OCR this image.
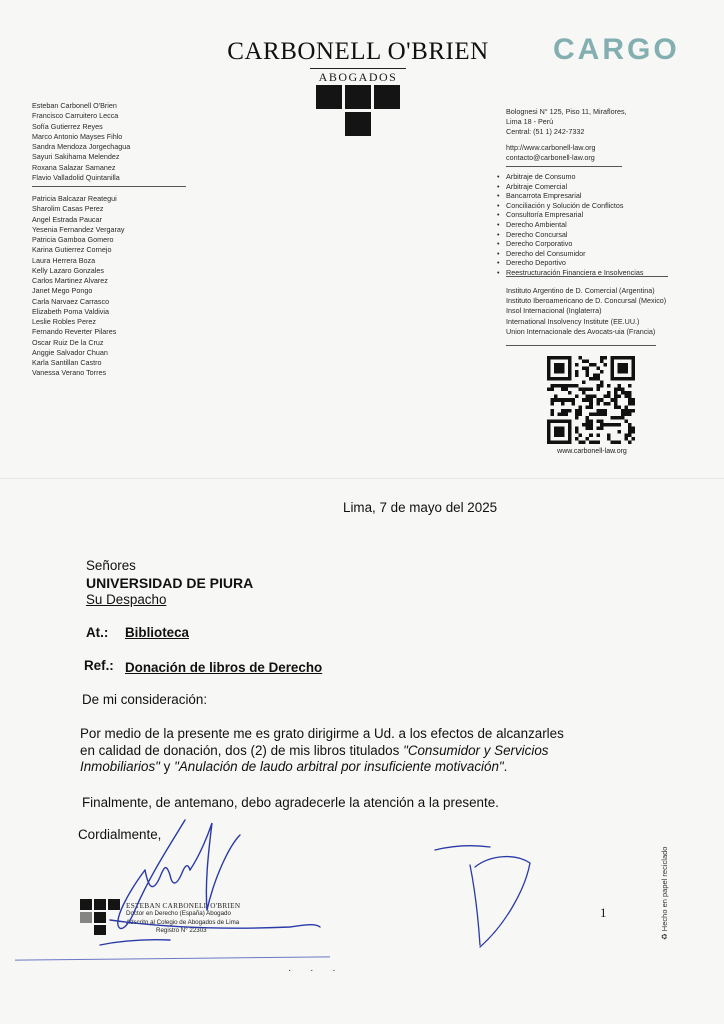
CARBONELL O'BRIEN
ABOGADOS
CARGO
Esteban Carbonell O'Brien
Francisco Carruitero Lecca
Sofía Gutierrez Reyes
Marco Antonio Mayses Fihlo
Sandra Mendoza Jorgechagua
Sayuri Sakihama Melendez
Roxana Salazar Samanez
Flavio Valladolid Quintanilla
Patricia Balcazar Reategui
Sharolim Casas Perez
Angel Estrada Paucar
Yesenia Fernandez Vergaray
Patricia Gamboa Gomero
Karina Gutierrez Cornejo
Laura Herrera Boza
Kelly Lazaro Gonzales
Carlos Martinez Alvarez
Janet Mego Pongo
Carla Narvaez Carrasco
Elizabeth Poma Valdivia
Leslie Robles Perez
Fernando Reverter Pilares
Oscar Ruiz De la Cruz
Anggie Salvador Chuan
Karla Santillan Castro
Vanessa Verano Torres
Bolognesi N° 125, Piso 11, Miraflores,
Lima 18 - Perú
Central: (51 1) 242-7332
http://www.carbonell-law.org
contacto@carbonell-law.org
• Arbitraje de Consumo
• Arbitraje Comercial
• Bancarrota Empresarial
• Conciliación y Solución de Conflictos
• Consultoría Empresarial
• Derecho Ambiental
• Derecho Concursal
• Derecho Corporativo
• Derecho del Consumidor
• Derecho Deportivo
• Reestructuración Financiera e Insolvencias
Instituto Argentino de D. Comercial (Argentina)
Instituto Iberoamericano de D. Concursal (Mexico)
Insol Internacional (Inglaterra)
International Insolvency Institute (EE.UU.)
Union Internacionale des Avocats-uia (Francia)
www.carbonell-law.org
Lima, 7 de mayo del 2025
Señores
UNIVERSIDAD DE PIURA
Su Despacho
At.: Biblioteca
Ref.: Donación de libros de Derecho
De mi consideración:
Por medio de la presente me es grato dirigirme a Ud. a los efectos de alcanzarles
en calidad de donación, dos (2) de mis libros titulados "Consumidor y Servicios
Inmobiliarios" y "Anulación de laudo arbitral por insuficiente motivación".
Finalmente, de antemano, debo agradecerle la atención a la presente.
Cordialmente,
ESTEBAN CARBONELL O'BRIEN
Doctor en Derecho (España) Abogado
Adscrito al Colegio de Abogados de Lima
Registro N° 22303
1
♻ Hecho en papel reciclado
· · ·
